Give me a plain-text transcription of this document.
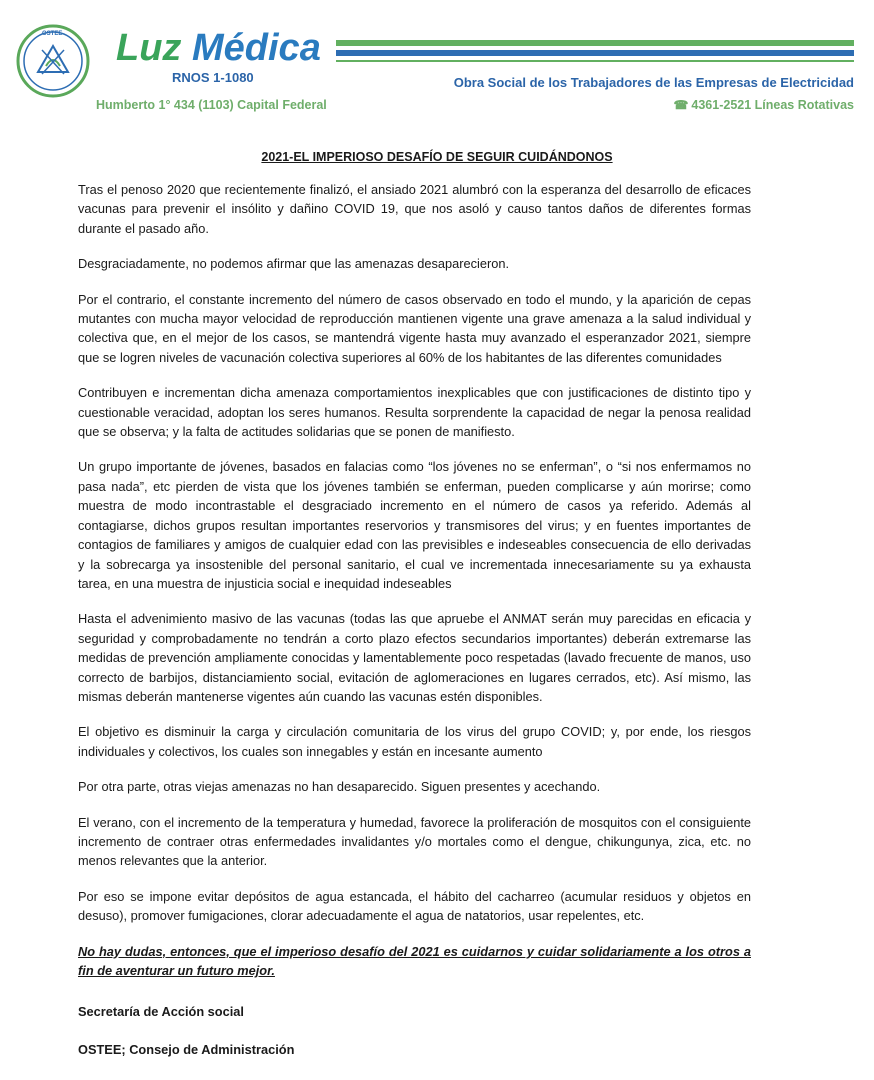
OSTEE Luz Médica
RNOS 1-1080	Obra Social de los Trabajadores de las Empresas de Electricidad
Humberto 1° 434 (1103) Capital Federal	☎ 4361-2521 Líneas Rotativas
2021-EL IMPERIOSO DESAFÍO DE SEGUIR CUIDÁNDONOS

Tras el penoso 2020 que recientemente finalizó, el ansiado 2021 alumbró con la esperanza del desarrollo de eficaces vacunas para prevenir el insólito y dañino COVID 19, que nos asoló y causo tantos daños de diferentes formas durante el pasado año.

Desgraciadamente, no podemos afirmar que las amenazas desaparecieron.

Por el contrario, el constante incremento del número de casos observado en todo el mundo, y la aparición de cepas mutantes con mucha mayor velocidad de reproducción mantienen vigente una grave amenaza a la salud individual y colectiva que, en el mejor de los casos, se mantendrá vigente hasta muy avanzado el esperanzador 2021, siempre que se logren niveles de vacunación colectiva superiores al 60% de los habitantes de las diferentes comunidades

Contribuyen e incrementan dicha amenaza comportamientos inexplicables que con justificaciones de distinto tipo y cuestionable veracidad, adoptan los seres humanos. Resulta sorprendente la capacidad de negar la penosa realidad que se observa; y la falta de actitudes solidarias que se ponen de manifiesto.

Un grupo importante de jóvenes, basados en falacias como “los jóvenes no se enferman”, o “si nos enfermamos no pasa nada”, etc pierden de vista que los jóvenes también se enferman, pueden complicarse y aún morirse; como muestra de modo incontrastable el desgraciado incremento en el número de casos ya referido. Además al contagiarse, dichos grupos resultan importantes reservorios y transmisores del virus; y en fuentes importantes de contagios de familiares y amigos de cualquier edad con las previsibles e indeseables consecuencia de ello derivadas y la sobrecarga ya insostenible del personal sanitario, el cual ve incrementada innecesariamente su ya exhausta tarea, en una muestra de injusticia social e inequidad indeseables

Hasta el advenimiento masivo de las vacunas (todas las que apruebe el ANMAT serán muy parecidas en eficacia y seguridad y comprobadamente no tendrán a corto plazo efectos secundarios importantes) deberán extremarse las medidas de prevención ampliamente conocidas y lamentablemente poco respetadas (lavado frecuente de manos, uso correcto de barbijos, distanciamiento social, evitación de aglomeraciones en lugares cerrados, etc). Así mismo, las mismas deberán mantenerse vigentes aún cuando las vacunas estén disponibles.

El objetivo es disminuir la carga y circulación comunitaria de los virus del grupo COVID; y, por ende, los riesgos individuales y colectivos, los cuales son innegables y están en incesante aumento

Por otra parte, otras viejas amenazas no han desaparecido. Siguen presentes y acechando.

El verano, con el incremento de la temperatura y humedad, favorece la proliferación de mosquitos con el consiguiente incremento de contraer otras enfermedades invalidantes y/o mortales como el dengue, chikungunya, zica, etc. no menos relevantes que la anterior.

Por eso se impone evitar depósitos de agua estancada, el hábito del cacharreo (acumular residuos y objetos en desuso), promover fumigaciones, clorar adecuadamente el agua de natatorios, usar repelentes, etc.

No hay dudas, entonces, que el imperioso desafío del 2021 es cuidarnos y cuidar solidariamente a los otros a fin de aventurar un futuro mejor.

Secretaría de Acción social

OSTEE; Consejo de Administración
